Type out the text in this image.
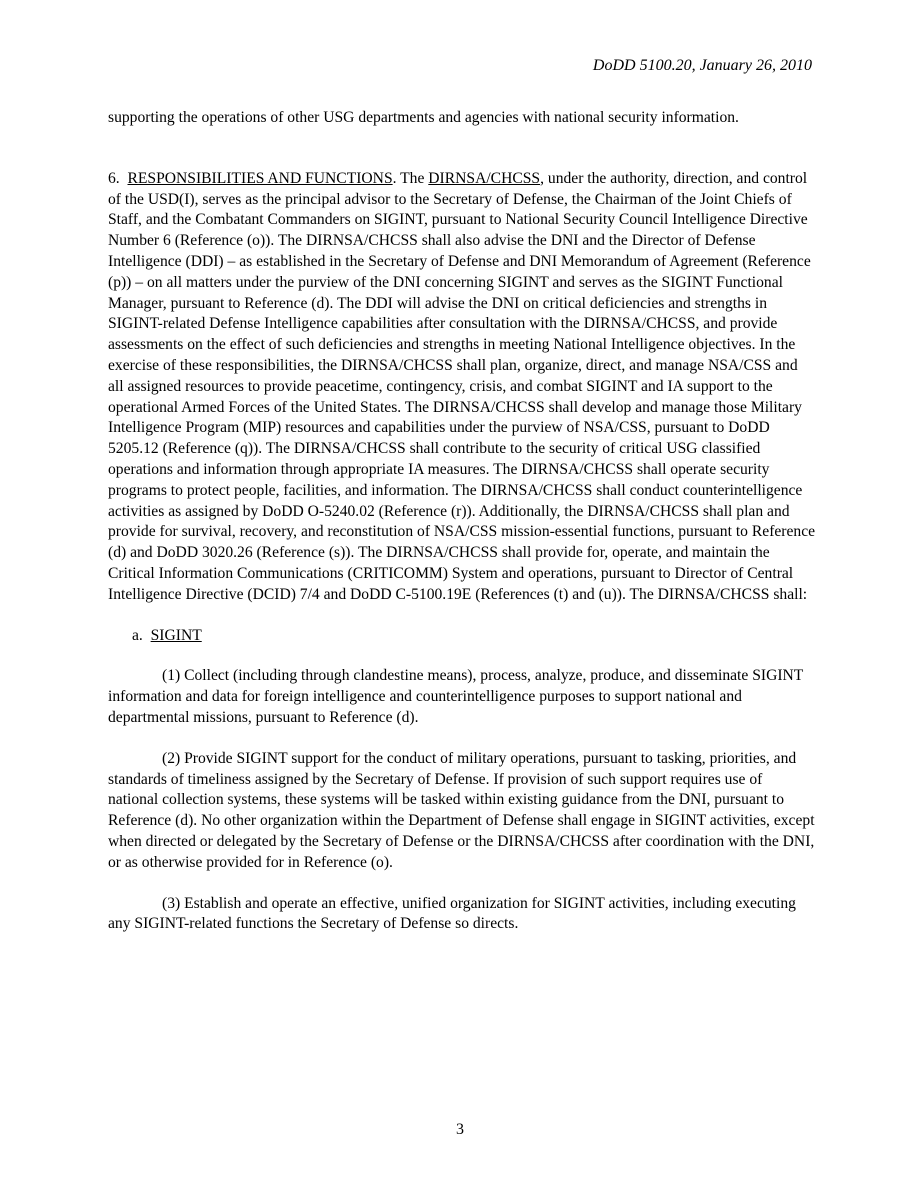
DoDD 5100.20, January 26, 2010

supporting the operations of other USG departments and agencies with national security information.

6. RESPONSIBILITIES AND FUNCTIONS. The DIRNSA/CHCSS, under the authority, direction, and control of the USD(I), serves as the principal advisor to the Secretary of Defense, the Chairman of the Joint Chiefs of Staff, and the Combatant Commanders on SIGINT, pursuant to National Security Council Intelligence Directive Number 6 (Reference (o)). The DIRNSA/CHCSS shall also advise the DNI and the Director of Defense Intelligence (DDI) – as established in the Secretary of Defense and DNI Memorandum of Agreement (Reference (p)) – on all matters under the purview of the DNI concerning SIGINT and serves as the SIGINT Functional Manager, pursuant to Reference (d). The DDI will advise the DNI on critical deficiencies and strengths in SIGINT-related Defense Intelligence capabilities after consultation with the DIRNSA/CHCSS, and provide assessments on the effect of such deficiencies and strengths in meeting National Intelligence objectives. In the exercise of these responsibilities, the DIRNSA/CHCSS shall plan, organize, direct, and manage NSA/CSS and all assigned resources to provide peacetime, contingency, crisis, and combat SIGINT and IA support to the operational Armed Forces of the United States. The DIRNSA/CHCSS shall develop and manage those Military Intelligence Program (MIP) resources and capabilities under the purview of NSA/CSS, pursuant to DoDD 5205.12 (Reference (q)). The DIRNSA/CHCSS shall contribute to the security of critical USG classified operations and information through appropriate IA measures. The DIRNSA/CHCSS shall operate security programs to protect people, facilities, and information. The DIRNSA/CHCSS shall conduct counterintelligence activities as assigned by DoDD O-5240.02 (Reference (r)). Additionally, the DIRNSA/CHCSS shall plan and provide for survival, recovery, and reconstitution of NSA/CSS mission-essential functions, pursuant to Reference (d) and DoDD 3020.26 (Reference (s)). The DIRNSA/CHCSS shall provide for, operate, and maintain the Critical Information Communications (CRITICOMM) System and operations, pursuant to Director of Central Intelligence Directive (DCID) 7/4 and DoDD C-5100.19E (References (t) and (u)). The DIRNSA/CHCSS shall:

a. SIGINT

(1) Collect (including through clandestine means), process, analyze, produce, and disseminate SIGINT information and data for foreign intelligence and counterintelligence purposes to support national and departmental missions, pursuant to Reference (d).

(2) Provide SIGINT support for the conduct of military operations, pursuant to tasking, priorities, and standards of timeliness assigned by the Secretary of Defense. If provision of such support requires use of national collection systems, these systems will be tasked within existing guidance from the DNI, pursuant to Reference (d). No other organization within the Department of Defense shall engage in SIGINT activities, except when directed or delegated by the Secretary of Defense or the DIRNSA/CHCSS after coordination with the DNI, or as otherwise provided for in Reference (o).

(3) Establish and operate an effective, unified organization for SIGINT activities, including executing any SIGINT-related functions the Secretary of Defense so directs.

3
